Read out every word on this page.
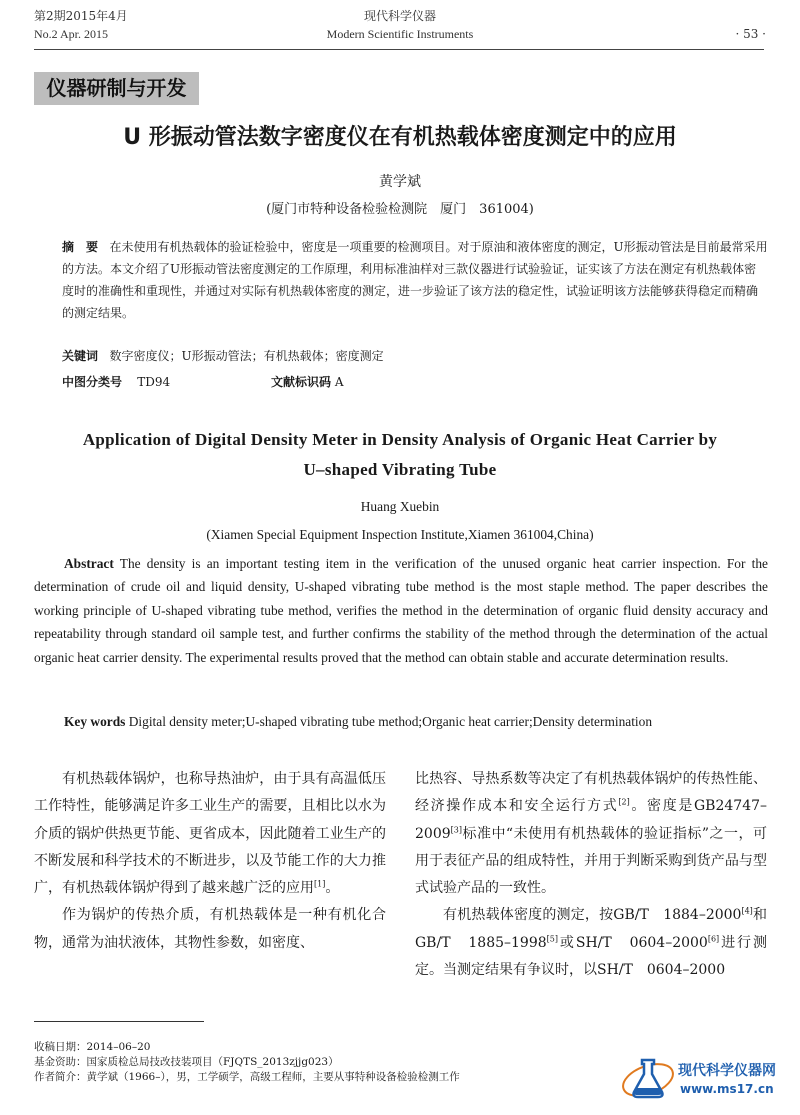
第2期2015年4月
No.2 Apr. 2015
现代科学仪器
Modern Scientific Instruments	· 53 ·
仪器研制与开发
U 形振动管法数字密度仪在有机热载体密度测定中的应用
黄学斌
(厦门市特种设备检验检测院　厦门　361004)
摘　要 在未使用有机热载体的验证检验中，密度是一项重要的检测项目。对于原油和液体密度的测定，U形振动管法是目前最常采用的方法。本文介绍了U形振动管法密度测定的工作原理，利用标准油样对三款仪器进行试验验证，证实该了方法在测定有机热载体密度时的准确性和重现性，并通过对实际有机热载体密度的测定，进一步验证了该方法的稳定性，试验证明该方法能够获得稳定而精确的测定结果。
关键词 数字密度仪；U形振动管法；有机热载体；密度测定
中图分类号 TD94	文献标识码 A
Application of Digital Density Meter in Density Analysis of Organic Heat Carrier by
U–shaped Vibrating Tube
Huang Xuebin
(Xiamen Special Equipment Inspection Institute,Xiamen 361004,China)
Abstract The density is an important testing item in the verification of the unused organic heat carrier inspection. For the determination of crude oil and liquid density, U-shaped vibrating tube method is the most staple method. The paper describes the working principle of U-shaped vibrating tube method, verifies the method in the determination of organic fluid density accuracy and repeatability through standard oil sample test, and further confirms the stability of the method through the determination of the actual organic heat carrier density. The experimental results proved that the method can obtain stable and accurate determination results.
Key words Digital density meter;U-shaped vibrating tube method;Organic heat carrier;Density determination

有机热载体锅炉，也称导热油炉，由于具有高温低压工作特性，能够满足许多工业生产的需要，且相比以水为介质的锅炉供热更节能、更省成本，因此随着工业生产的不断发展和科学技术的不断进步，以及节能工作的大力推广，有机热载体锅炉得到了越来越广泛的应用[1]。

作为锅炉的传热介质，有机热载体是一种有机化合物，通常为油状液体，其物性参数，如密度、

比热容、导热系数等决定了有机热载体锅炉的传热性能、经济操作成本和安全运行方式[2]。密度是GB24747–2009[3]标准中“未使用有机热载体的验证指标”之一，可用于表征产品的组成特性，并用于判断采购到货产品与型式试验产品的一致性。

有机热载体密度的测定，按GB/T　1884–2000[4]和GB/T　1885–1998[5]或SH/T　0604–2000[6]进行测定。当测定结果有争议时，以SH/T　0604–2000

收稿日期：2014–06–20
基金资助：国家质检总局技改技装项目（FJQTS_2013zjjg023）
作者简介：黄学斌（1966–），男，工学硕学，高级工程师，主要从事特种设备检验检测工作	现代科学仪器网
www.ms17.cn
